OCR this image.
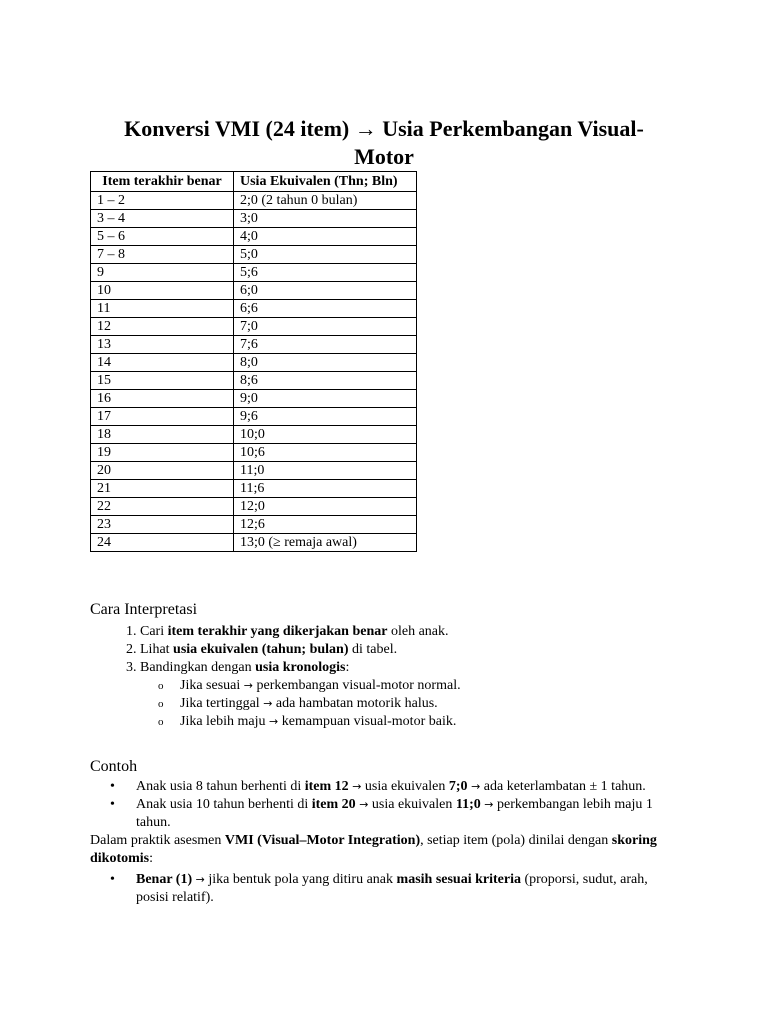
Konversi VMI (24 item) → Usia Perkembangan Visual-Motor
Item terakhir benar	Usia Ekuivalen (Thn; Bln)
1 – 2	2;0 (2 tahun 0 bulan)
3 – 4	3;0
5 – 6	4;0
7 – 8	5;0
9	5;6
10	6;0
11	6;6
12	7;0
13	7;6
14	8;0
15	8;6
16	9;0
17	9;6
18	10;0
19	10;6
20	11;0
21	11;6
22	12;0
23	12;6
24	13;0 (≥ remaja awal)
Cara Interpretasi
1. Cari item terakhir yang dikerjakan benar oleh anak.
2. Lihat usia ekuivalen (tahun; bulan) di tabel.
3. Bandingkan dengan usia kronologis:
o Jika sesuai → perkembangan visual-motor normal.
o Jika tertinggal → ada hambatan motorik halus.
o Jika lebih maju → kemampuan visual-motor baik.
Contoh
• Anak usia 8 tahun berhenti di item 12 → usia ekuivalen 7;0 → ada keterlambatan ± 1 tahun.
• Anak usia 10 tahun berhenti di item 20 → usia ekuivalen 11;0 → perkembangan lebih maju 1 tahun.

Dalam praktik asesmen VMI (Visual–Motor Integration), setiap item (pola) dinilai dengan skoring dikotomis:

• Benar (1) → jika bentuk pola yang ditiru anak masih sesuai kriteria (proporsi, sudut, arah, posisi relatif).
